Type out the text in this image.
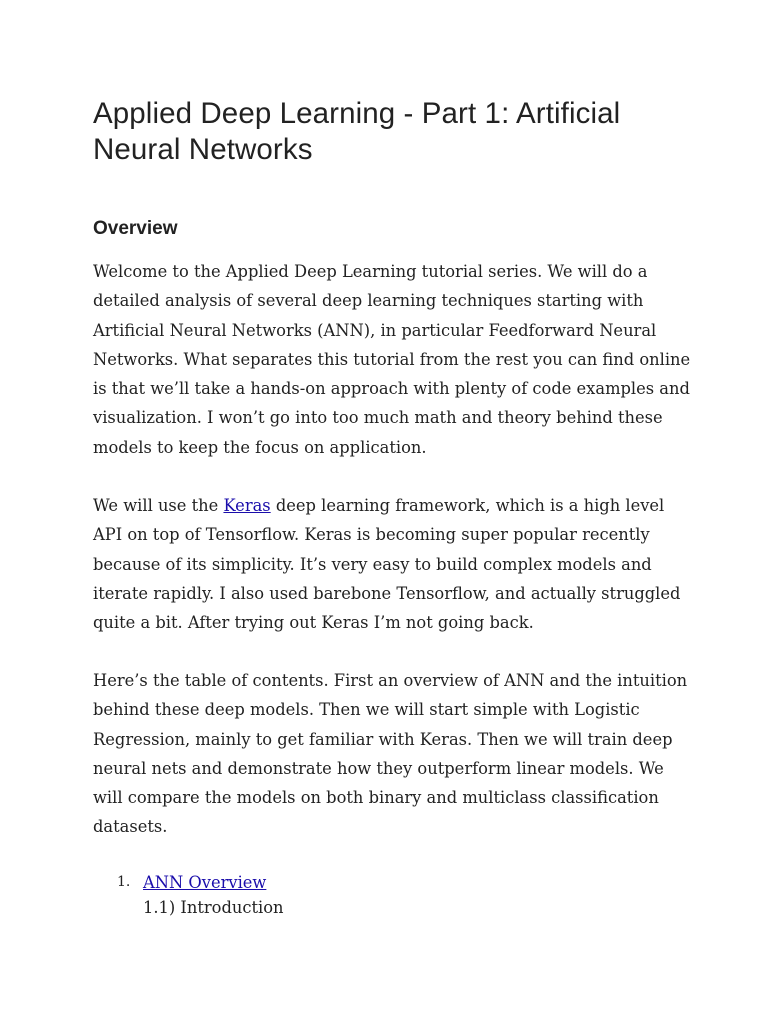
Applied Deep Learning - Part 1: Artificial Neural Networks
Overview

Welcome to the Applied Deep Learning tutorial series. We will do a detailed analysis of several deep learning techniques starting with Artificial Neural Networks (ANN), in particular Feedforward Neural Networks. What separates this tutorial from the rest you can find online is that we’ll take a hands-on approach with plenty of code examples and visualization. I won’t go into too much math and theory behind these models to keep the focus on application.

We will use the Keras deep learning framework, which is a high level API on top of Tensorflow. Keras is becoming super popular recently because of its simplicity. It’s very easy to build complex models and iterate rapidly. I also used barebone Tensorflow, and actually struggled quite a bit. After trying out Keras I’m not going back.

Here’s the table of contents. First an overview of ANN and the intuition behind these deep models. Then we will start simple with Logistic Regression, mainly to get familiar with Keras. Then we will train deep neural nets and demonstrate how they outperform linear models. We will compare the models on both binary and multiclass classification datasets.

1. ANN Overview
1.1) Introduction
